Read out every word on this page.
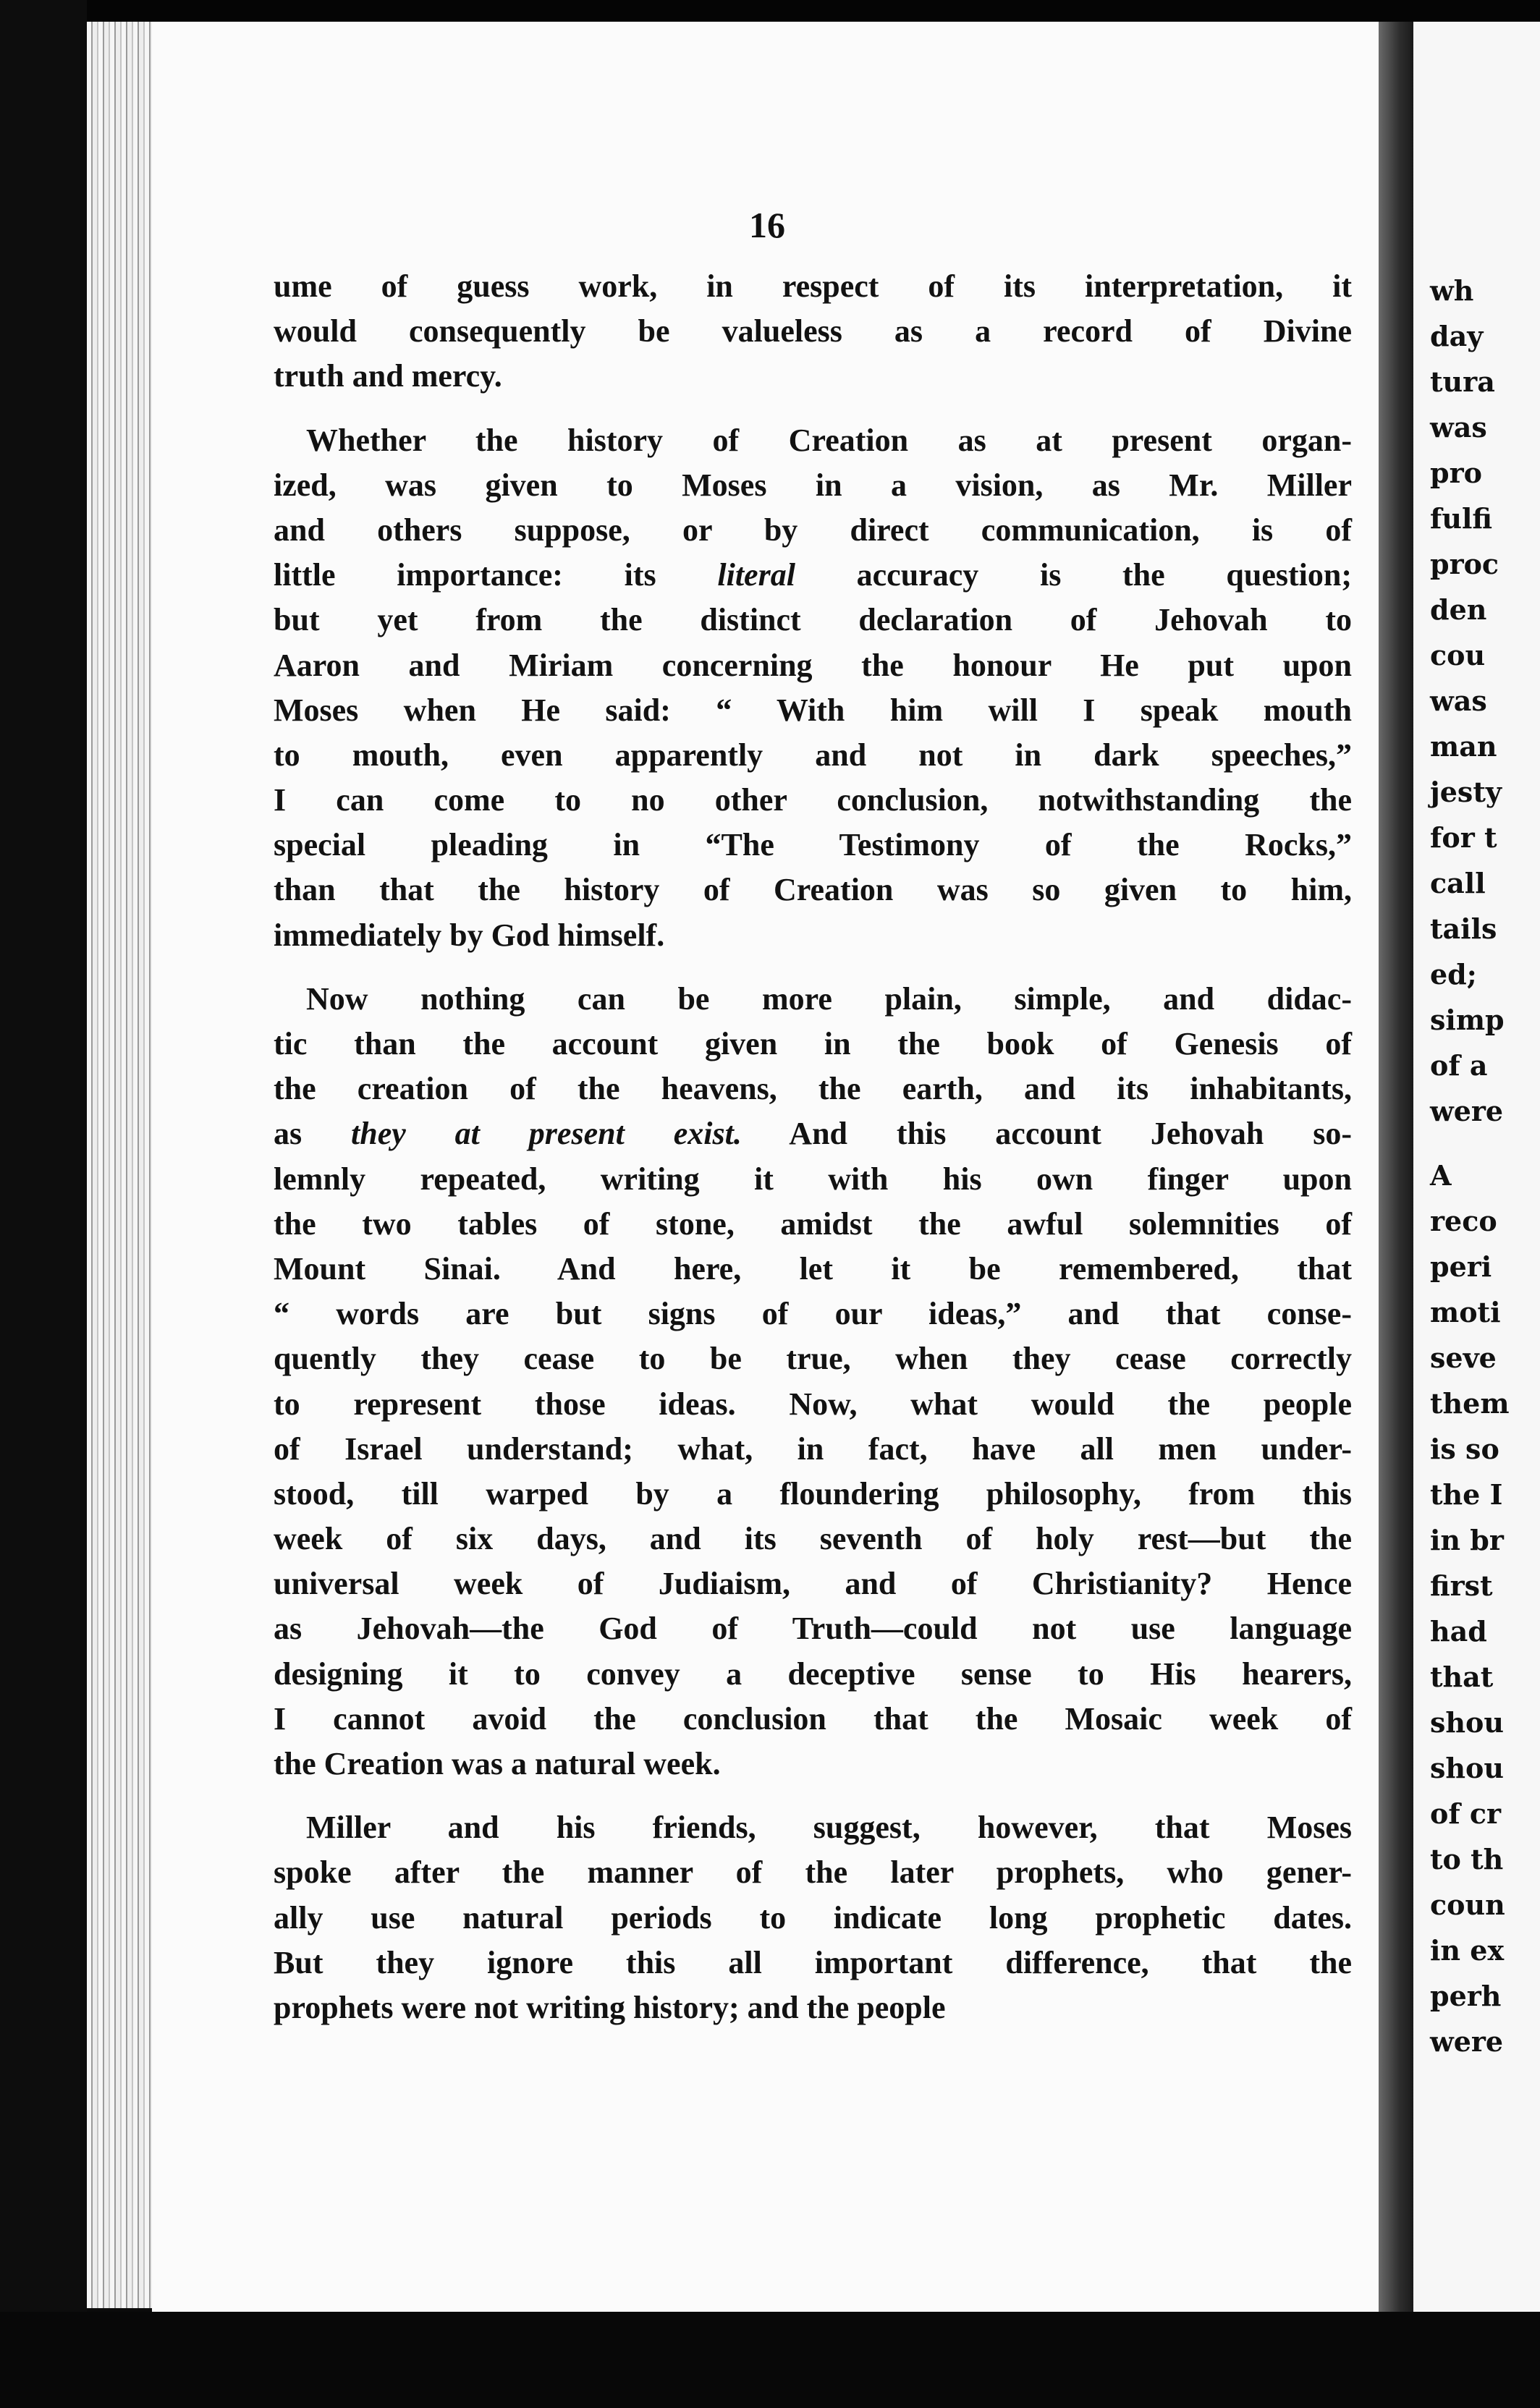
16
ume of guess work, in respect of its interpretation, it
would consequently be valueless as a record of Divine
truth and mercy.
Whether the history of Creation as at present organ-
ized, was given to Moses in a vision, as Mr. Miller
and others suppose, or by direct communication, is of
little importance: its literal accuracy is the question;
but yet from the distinct declaration of Jehovah to
Aaron and Miriam concerning the honour He put upon
Moses when He said: “ With him will I speak mouth
to mouth, even apparently and not in dark speeches,”
I can come to no other conclusion, notwithstanding the
special pleading in “The Testimony of the Rocks,”
than that the history of Creation was so given to him,
immediately by God himself.
Now nothing can be more plain, simple, and didac-
tic than the account given in the book of Genesis of
the creation of the heavens, the earth, and its inhabitants,
as they at present exist. And this account Jehovah so-
lemnly repeated, writing it with his own finger upon
the two tables of stone, amidst the awful solemnities of
Mount Sinai. And here, let it be remembered, that
“ words are but signs of our ideas,” and that conse-
quently they cease to be true, when they cease correctly
to represent those ideas. Now, what would the people
of Israel understand; what, in fact, have all men under-
stood, till warped by a floundering philosophy, from this
week of six days, and its seventh of holy rest—but the
universal week of Judiaism, and of Christianity? Hence
as Jehovah—the God of Truth—could not use language
designing it to convey a deceptive sense to His hearers,
I cannot avoid the conclusion that the Mosaic week of
the Creation was a natural week.
Miller and his friends, suggest, however, that Moses
spoke after the manner of the later prophets, who gener-
ally use natural periods to indicate long prophetic dates.
But they ignore this all important difference, that the
prophets were not writing history; and the people
wh
day
tura
was
pro
fulfi
proc
den
cou
was
man
jesty
for t
call
tails
ed;
simp
of a
were
A
reco
peri
moti
seve
them
is so
the I
in br
first
had
that
shou
shou
of cr
to th
coun
in ex
perh
were
